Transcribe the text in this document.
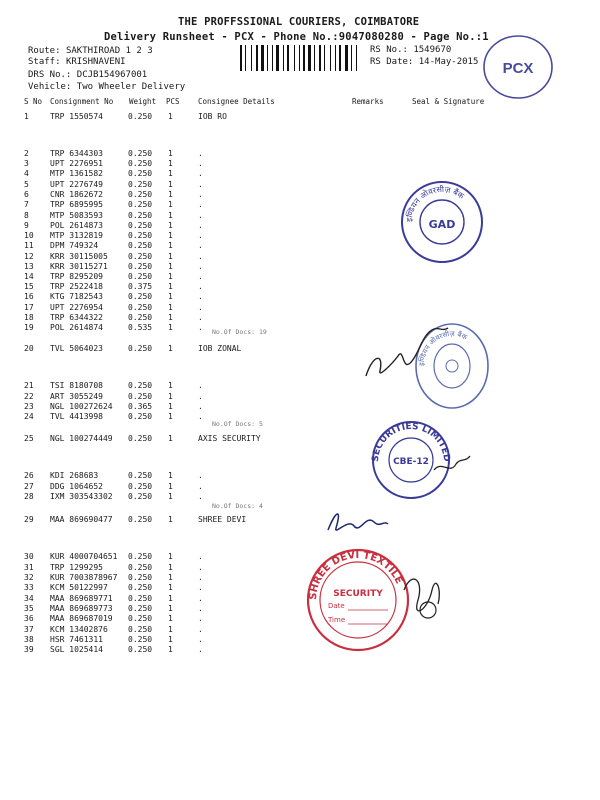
THE PROFFSSIONAL COURIERS, COIMBATORE
Delivery Runsheet - PCX - Phone No.:9047080280 - Page No.:1
Route: SAKTHIROAD 1 2 3
Staff: KRISHNAVENI
DRS No.: DCJB154967001
Vehicle: Two Wheeler Delivery
RS No.: 1549670
RS Date: 14-May-2015 PCX
S No Consignment No Weight PCS Consignee Details	Remarks	Seal & Signature
1	TRP 1550574	0.250 1	IOB RO
2	TRP 6344303	0.250 1	.
3	UPT 2276951	0.250 1	.
4	MTP 1361582	0.250 1	.
5	UPT 2276749	0.250 1	.
6	CNR 1862672	0.250 1	.
7	TRP 6895995	0.250 1	.
8	MTP 5083593	0.250 1	.
9	POL 2614873	0.250 1	.
10 MTP 3132819	0.250 1	.
11 DPM 749324	0.250 1	.
12 KRR 30115005	0.250 1	.
13 KRR 30115271	0.250 1	.
14 TRP 8295209	0.250 1	.
15 TRP 2522418	0.375 1	.
16 KTG 7182543	0.250 1	.
17 UPT 2276954	0.250 1	.
18 TRP 6344322	0.250 1	.
19 POL 2614874	0.535 1	.
20 TVL 5064023	0.250 1	IOB ZONAL
21 TSI 8180708	0.250 1	.
22 ART 3055249	0.250 1	.
23 NGL 100272624 0.365 1	.
24 TVL 4413998	0.250 1	.
25 NGL 100274449 0.250 1	AXIS SECURITY
26 KDI 268683	0.250 1	.
27 DDG 1064652	0.250 1	.
28 IXM 303543302 0.250 1	.
29 MAA 869690477 0.250 1	SHREE DEVI
30 KUR 4000704651 0.250 1	.
31 TRP 1299295	0.250 1	.
32 KUR 7003878967 0.250 1	.
33 KCM 50122997	0.250 1	.
34 MAA 869689771 0.250 1	.
35 MAA 869689773 0.250 1	.
36 MAA 869687019 0.250 1	.
37 KCM 13402876	0.250 1	.
38 HSR 7461311	0.250 1	.
39 SGL 1025414	0.250 1	.
No.Of Docs: 19
No.Of Docs: 5
No.Of Docs: 4
इण्डियन ओवरसीज़ बैंक
GAD
इण्डियन ओवरसीज़ बैंक
SECURITIES LIMITED
CBE-12
SHREE DEVI TEXTILE
SECURITY
Date
Time
